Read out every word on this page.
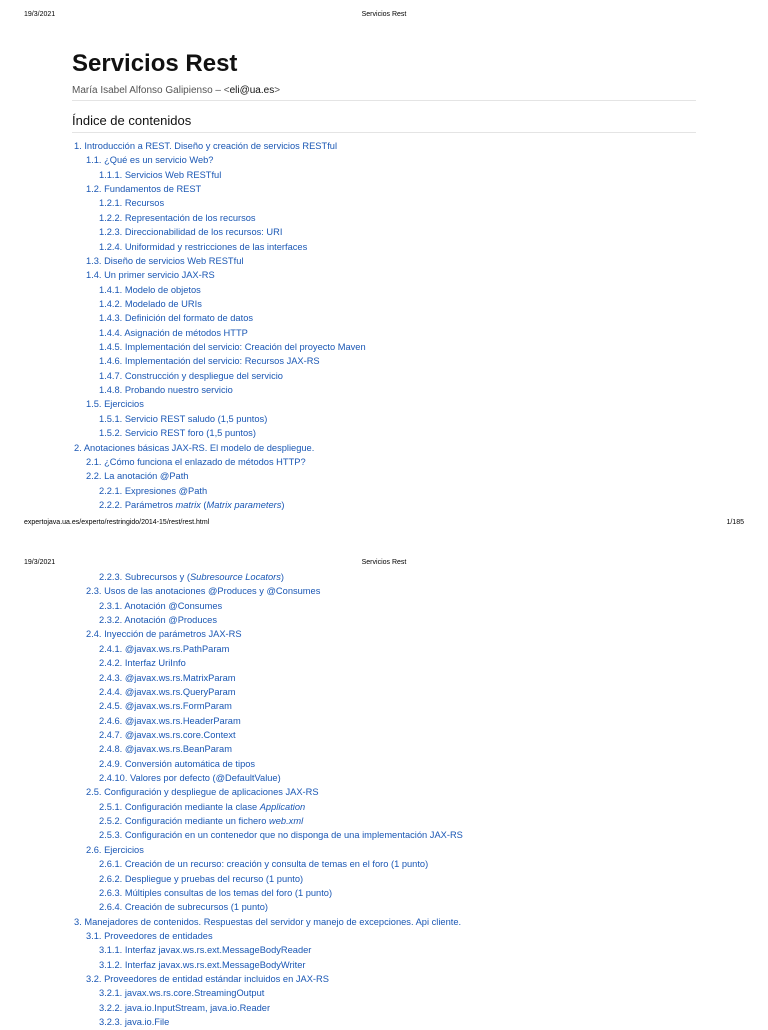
19/3/2021	Servicios Rest
Servicios Rest
María Isabel Alfonso Galipienso – <eli@ua.es>
Índice de contenidos
1. Introducción a REST. Diseño y creación de servicios RESTful
1.1. ¿Qué es un servicio Web?
1.1.1. Servicios Web RESTful
1.2. Fundamentos de REST
1.2.1. Recursos
1.2.2. Representación de los recursos
1.2.3. Direccionabilidad de los recursos: URI
1.2.4. Uniformidad y restricciones de las interfaces
1.3. Diseño de servicios Web RESTful
1.4. Un primer servicio JAX-RS
1.4.1. Modelo de objetos
1.4.2. Modelado de URIs
1.4.3. Definición del formato de datos
1.4.4. Asignación de métodos HTTP
1.4.5. Implementación del servicio: Creación del proyecto Maven
1.4.6. Implementación del servicio: Recursos JAX-RS
1.4.7. Construcción y despliegue del servicio
1.4.8. Probando nuestro servicio
1.5. Ejercicios
1.5.1. Servicio REST saludo (1,5 puntos)
1.5.2. Servicio REST foro (1,5 puntos)
2. Anotaciones básicas JAX-RS. El modelo de despliegue.
2.1. ¿Cómo funciona el enlazado de métodos HTTP?
2.2. La anotación @Path
2.2.1. Expresiones @Path
2.2.2. Parámetros matrix (Matrix parameters)
expertojava.ua.es/experto/restringido/2014-15/rest/rest.html	1/185
19/3/2021	Servicios Rest
2.2.3. Subrecursos y (Subresource Locators)
2.3. Usos de las anotaciones @Produces y @Consumes
2.3.1. Anotación @Consumes
2.3.2. Anotación @Produces
2.4. Inyección de parámetros JAX-RS
2.4.1. @javax.ws.rs.PathParam
2.4.2. Interfaz UriInfo
2.4.3. @javax.ws.rs.MatrixParam
2.4.4. @javax.ws.rs.QueryParam
2.4.5. @javax.ws.rs.FormParam
2.4.6. @javax.ws.rs.HeaderParam
2.4.7. @javax.ws.rs.core.Context
2.4.8. @javax.ws.rs.BeanParam
2.4.9. Conversión automática de tipos
2.4.10. Valores por defecto (@DefaultValue)
2.5. Configuración y despliegue de aplicaciones JAX-RS
2.5.1. Configuración mediante la clase Application
2.5.2. Configuración mediante un fichero web.xml
2.5.3. Configuración en un contenedor que no disponga de una implementación JAX-RS
2.6. Ejercicios
2.6.1. Creación de un recurso: creación y consulta de temas en el foro (1 punto)
2.6.2. Despliegue y pruebas del recurso (1 punto)
2.6.3. Múltiples consultas de los temas del foro (1 punto)
2.6.4. Creación de subrecursos (1 punto)
3. Manejadores de contenidos. Respuestas del servidor y manejo de excepciones. Api cliente.
3.1. Proveedores de entidades
3.1.1. Interfaz javax.ws.rs.ext.MessageBodyReader
3.1.2. Interfaz javax.ws.rs.ext.MessageBodyWriter
3.2. Proveedores de entidad estándar incluidos en JAX-RS
3.2.1. javax.ws.rs.core.StreamingOutput
3.2.2. java.io.InputStream, java.io.Reader
3.2.3. java.io.File
